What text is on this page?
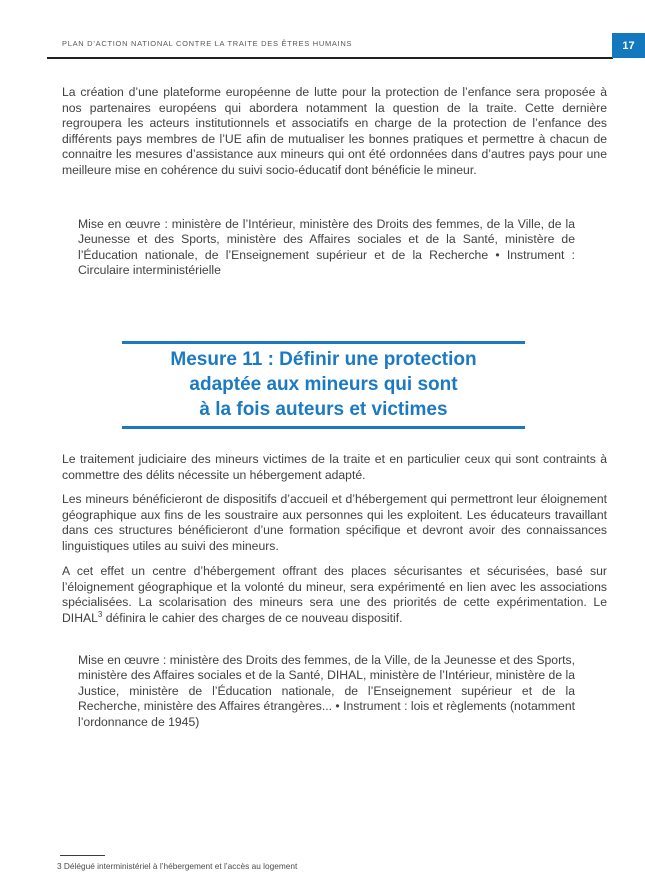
PLAN D’ACTION NATIONAL CONTRE LA TRAITE DES ÊTRES HUMAINS	17

La création d’une plateforme européenne de lutte pour la protection de l’enfance sera proposée à nos partenaires européens qui abordera notamment la question de la traite. Cette dernière regroupera les acteurs institutionnels et associatifs en charge de la protection de l’enfance des différents pays membres de l’UE afin de mutualiser les bonnes pratiques et permettre à chacun de connaitre les mesures d’assistance aux mineurs qui ont été ordonnées dans d’autres pays pour une meilleure mise en cohérence du suivi socio-éducatif dont bénéficie le mineur.

Mise en œuvre : ministère de l’Intérieur, ministère des Droits des femmes, de la Ville, de la Jeunesse et des Sports, ministère des Affaires sociales et de la Santé, ministère de l’Éducation nationale, de l’Enseignement supérieur et de la Recherche • Instrument : Circulaire interministérielle

Mesure 11 : Définir une protection
adaptée aux mineurs qui sont
à la fois auteurs et victimes

Le traitement judiciaire des mineurs victimes de la traite et en particulier ceux qui sont contraints à commettre des délits nécessite un hébergement adapté.

Les mineurs bénéficieront de dispositifs d’accueil et d’hébergement qui permettront leur éloignement géographique aux fins de les soustraire aux personnes qui les exploitent. Les éducateurs travaillant dans ces structures bénéficieront d’une formation spécifique et devront avoir des connaissances linguistiques utiles au suivi des mineurs.

A cet effet un centre d’hébergement offrant des places sécurisantes et sécurisées, basé sur l’éloignement géographique et la volonté du mineur, sera expérimenté en lien avec les associations spécialisées. La scolarisation des mineurs sera une des priorités de cette expérimentation. Le DIHAL$^3$ définira le cahier des charges de ce nouveau dispositif.

Mise en œuvre : ministère des Droits des femmes, de la Ville, de la Jeunesse et des Sports, ministère des Affaires sociales et de la Santé, DIHAL, ministère de l’Intérieur, ministère de la Justice, ministère de l’Éducation nationale, de l’Enseignement supérieur et de la Recherche, ministère des Affaires étrangères... • Instrument : lois et règlements (notamment l’ordonnance de 1945)

3 Délégué interministériel à l’hébergement et l’accès au logement
